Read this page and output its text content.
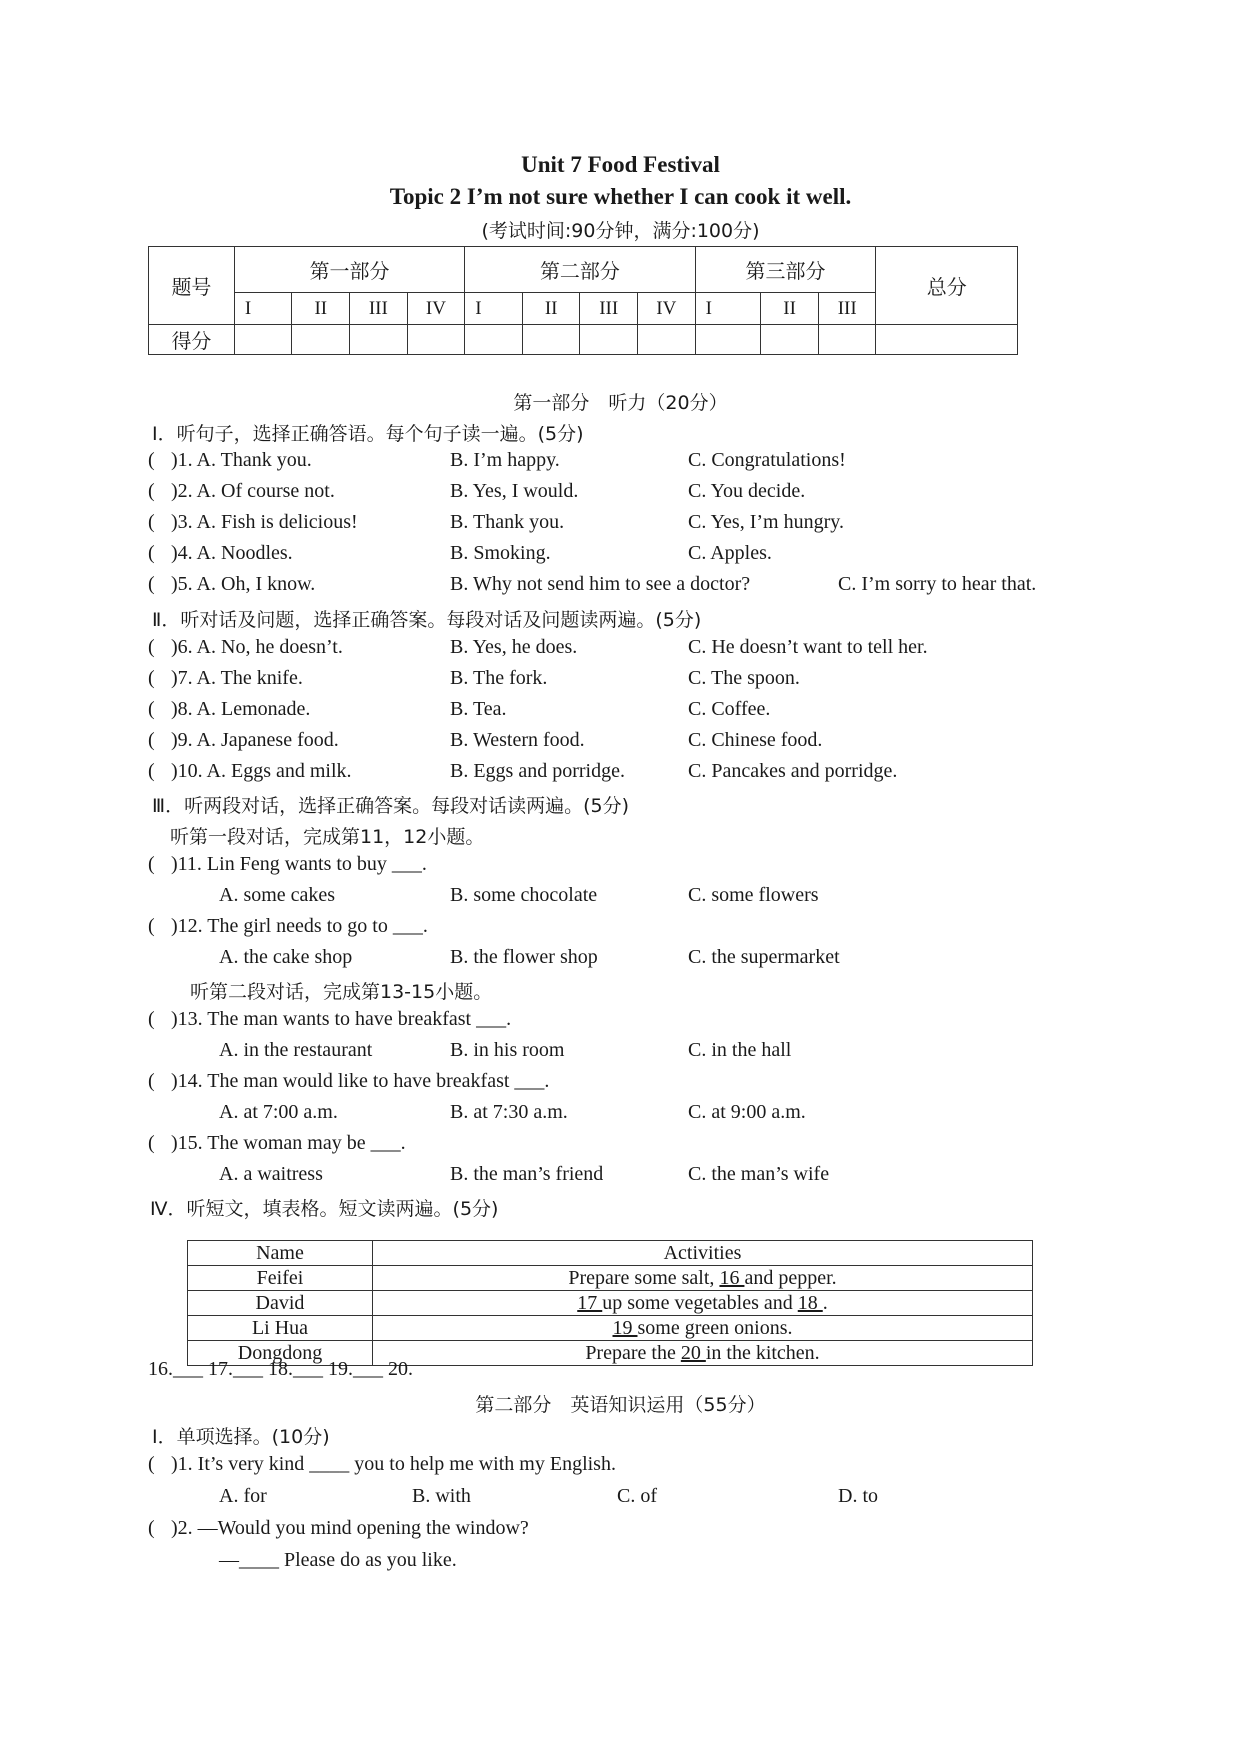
Unit 7 Food Festival
Topic 2 I’m not sure whether I can cook it well.
(考试时间:90分钟，满分:100分)
题号	第一部分				第二部分				第三部分			总分
	I	II	III	IV	I	II	III	IV	I	II	III	
得分												
第一部分　听力（20分）
Ⅰ．听句子，选择正确答语。每个句子读一遍。(5分)
( )1. A. Thank you.	B. I’m happy.	C. Congratulations!
( )2. A. Of course not.	B. Yes, I would.	C. You decide.
( )3. A. Fish is delicious!	B. Thank you.	C. Yes, I’m hungry.
( )4. A. Noodles.	B. Smoking.	C. Apples.
( )5. A. Oh, I know.	B. Why not send him to see a doctor?	C. I’m sorry to hear that.
Ⅱ．听对话及问题，选择正确答案。每段对话及问题读两遍。(5分)
( )6. A. No, he doesn’t.	B. Yes, he does.	C. He doesn’t want to tell her.
( )7. A. The knife.	B. The fork.	C. The spoon.
( )8. A. Lemonade.	B. Tea.	C. Coffee.
( )9. A. Japanese food.	B. Western food.	C. Chinese food.
( )10. A. Eggs and milk.	B. Eggs and porridge.	C. Pancakes and porridge.
Ⅲ．听两段对话，选择正确答案。每段对话读两遍。(5分)
听第一段对话，完成第11，12小题。
( )11. Lin Feng wants to buy ___.
A. some cakes	B. some chocolate	C. some flowers
( )12. The girl needs to go to ___.
A. the cake shop	B. the flower shop	C. the supermarket
听第二段对话，完成第13-15小题。
( )13. The man wants to have breakfast ___.
A. in the restaurant	B. in his room	C. in the hall
( )14. The man would like to have breakfast ___.
A. at 7:00 a.m.	B. at 7:30 a.m.	C. at 9:00 a.m.
( )15. The woman may be ___.
A. a waitress	B. the man’s friend	C. the man’s wife
Ⅳ．听短文，填表格。短文读两遍。(5分)
Name	Activities
Feifei	Prepare some salt, 16 and pepper.
David	17 up some vegetables and 18 .
Li Hua	19 some green onions.
Dongdong	Prepare the 20 in the kitchen.
16.___ 17.___ 18.___ 19.___ 20.
第二部分　英语知识运用（55分）
Ⅰ．单项选择。(10分)
( )1. It’s very kind ____ you to help me with my English.
A. for	B. with	C. of	D. to
( )2. —Would you mind opening the window?
—____ Please do as you like.
